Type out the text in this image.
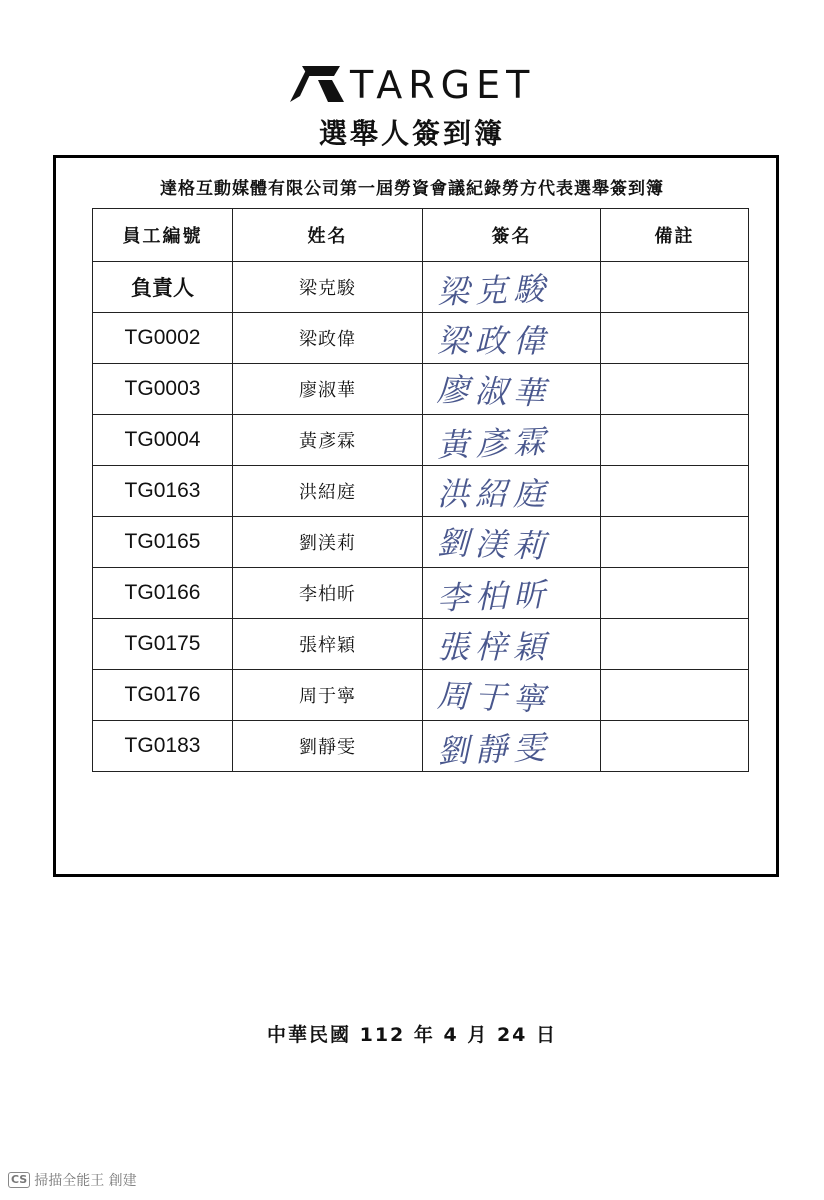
TARGET
選舉人簽到簿
達格互動媒體有限公司第一屆勞資會議紀錄勞方代表選舉簽到簿
員工編號	姓名	簽名	備註
負責人	梁克駿	梁克駿	

TG0002	梁政偉	梁政偉	

TG0003	廖淑華	廖淑華	

TG0004	黃彥霖	黃彥霖	

TG0163	洪紹庭	洪紹庭	

TG0165	劉渼莉	劉渼莉	

TG0166	李柏昕	李柏昕	

TG0175	張梓穎	張梓穎	

TG0176	周于寧	周于寧	

TG0183	劉靜雯	劉靜雯	

中華民國 112 年 4 月 24 日
CS 掃描全能王 創建
